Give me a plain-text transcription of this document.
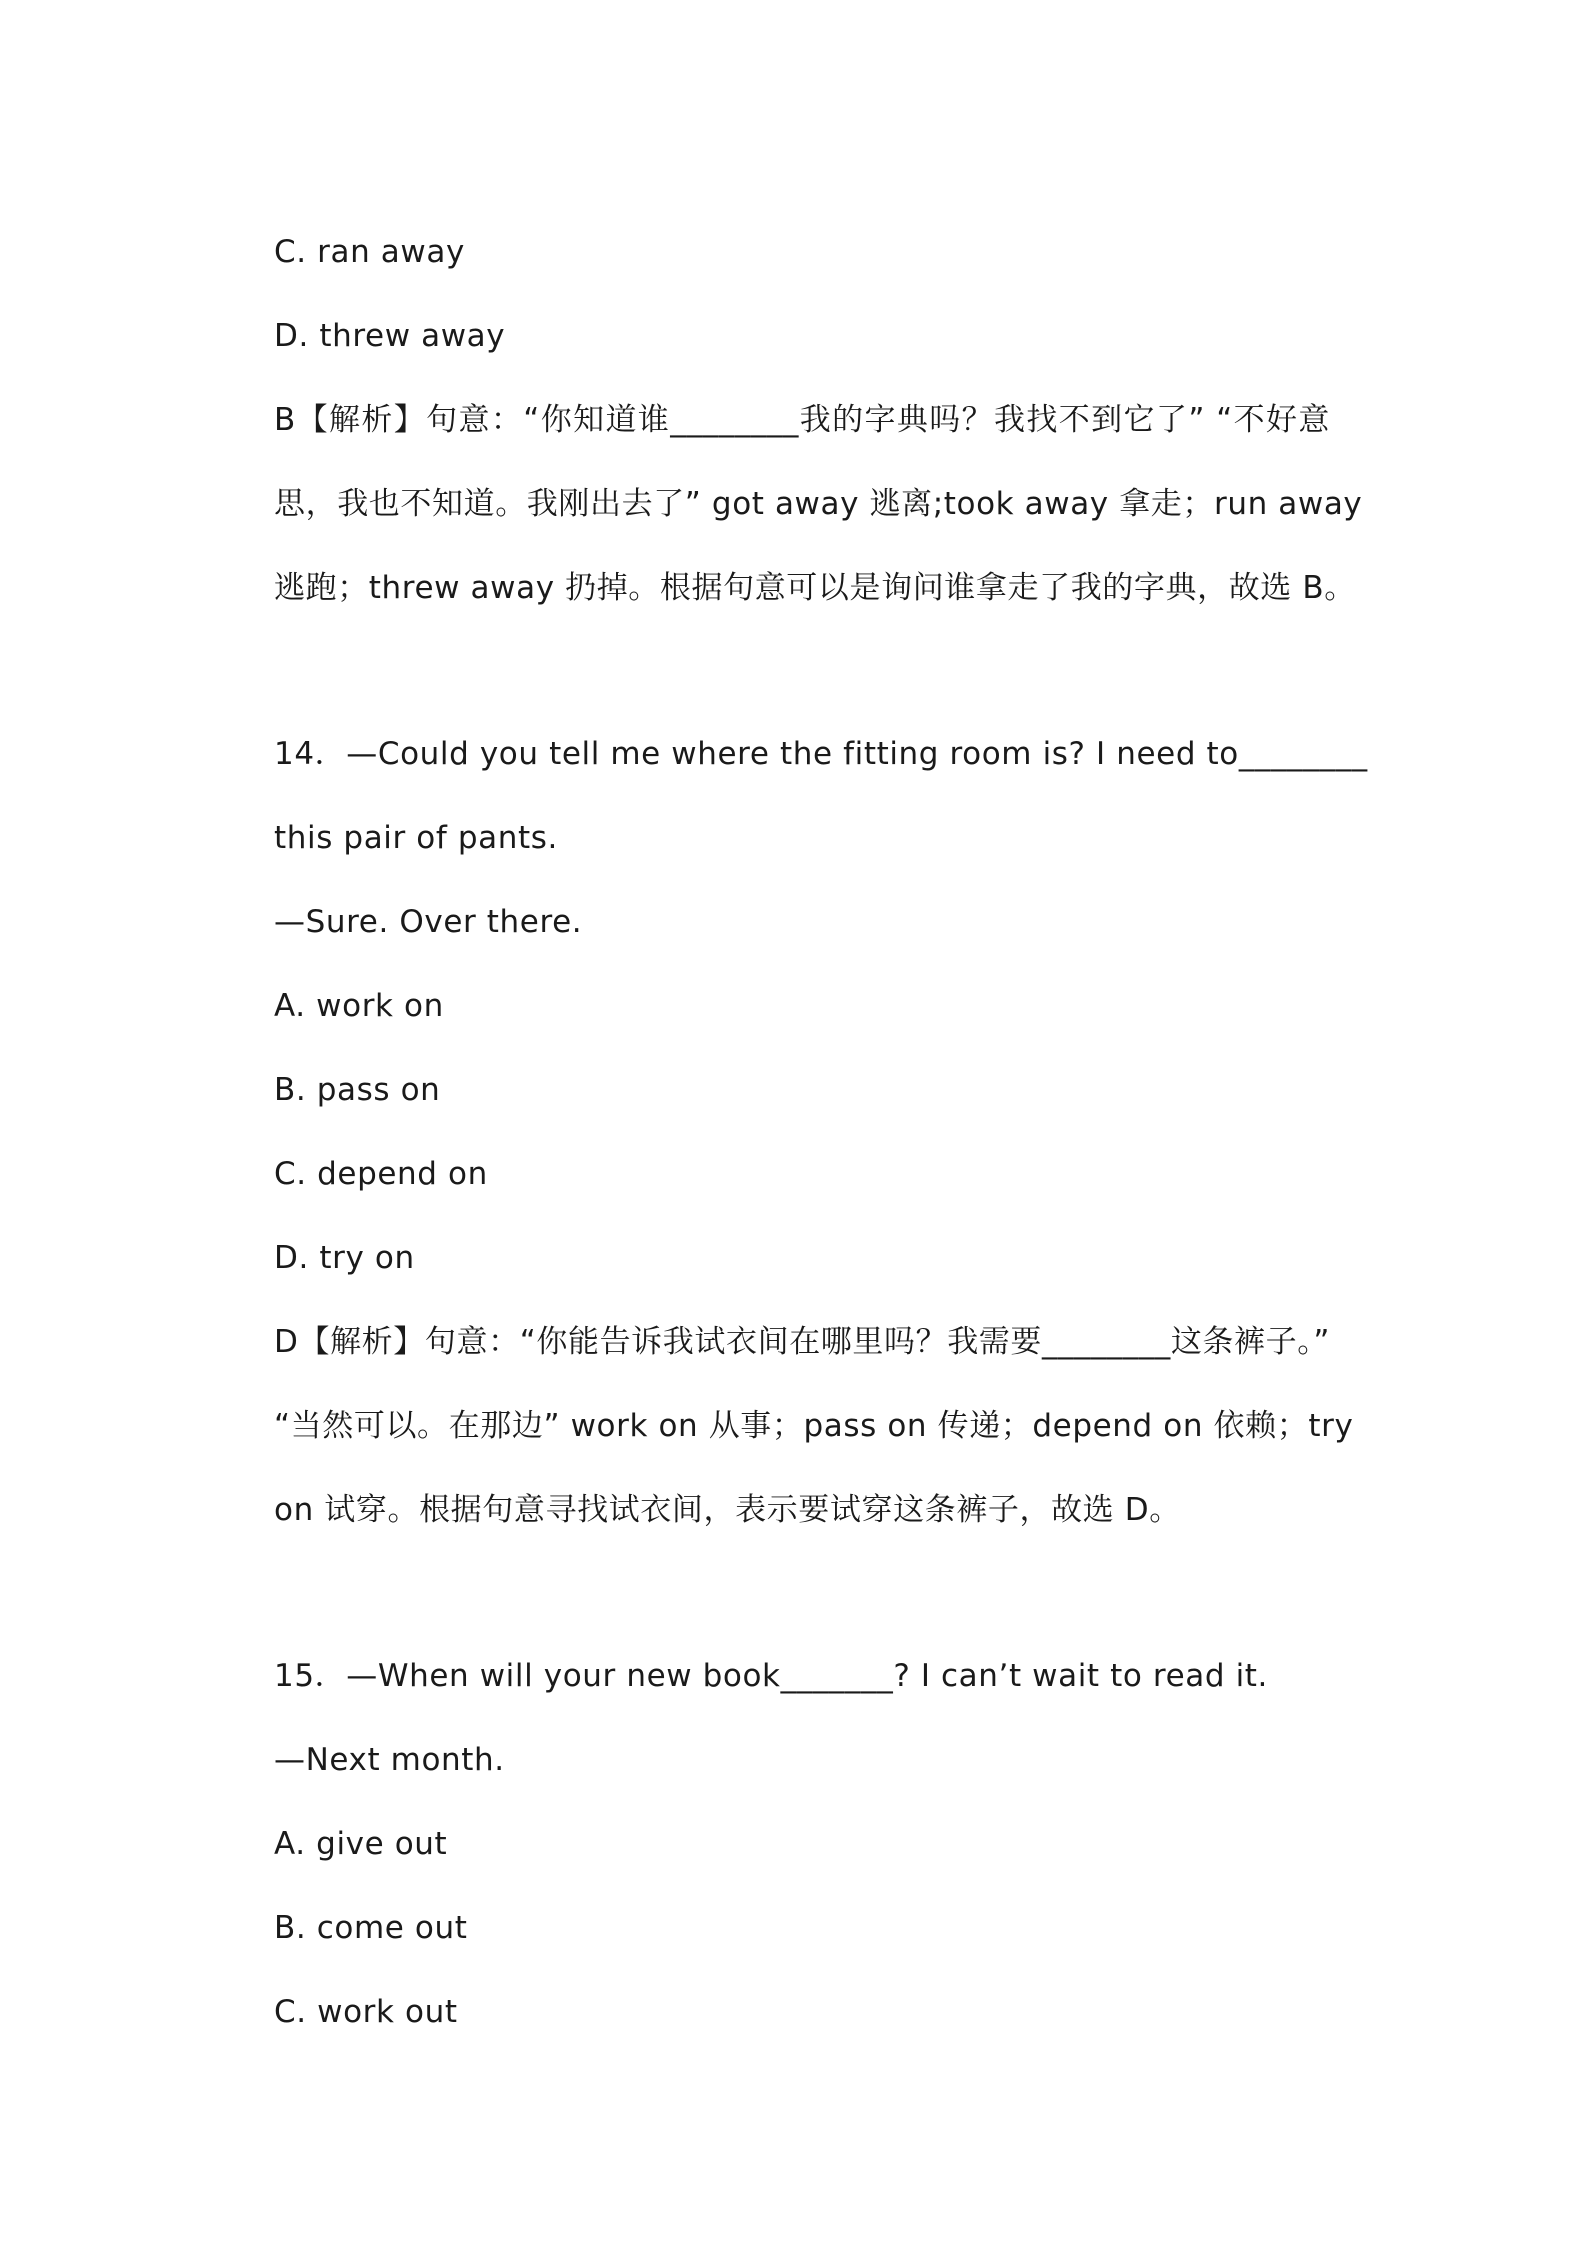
C. ran away
D. threw away
B【解析】句意：“你知道谁________我的字典吗？我找不到它了” “不好意
思，我也不知道。我刚出去了” got away 逃离;took away 拿走；run away
逃跑；threw away 扔掉。根据句意可以是询问谁拿走了我的字典，故选 B。
14．—Could you tell me where the fitting room is? I need to________
this pair of pants.
—Sure. Over there.
A. work on
B. pass on
C. depend on
D. try on
D【解析】句意：“你能告诉我试衣间在哪里吗？我需要________这条裤子。”
“当然可以。在那边” work on 从事；pass on 传递；depend on 依赖；try
on 试穿。根据句意寻找试衣间，表示要试穿这条裤子，故选 D。
15．—When will your new book_______? I can’t wait to read it.
—Next month.
A. give out
B. come out
C. work out
